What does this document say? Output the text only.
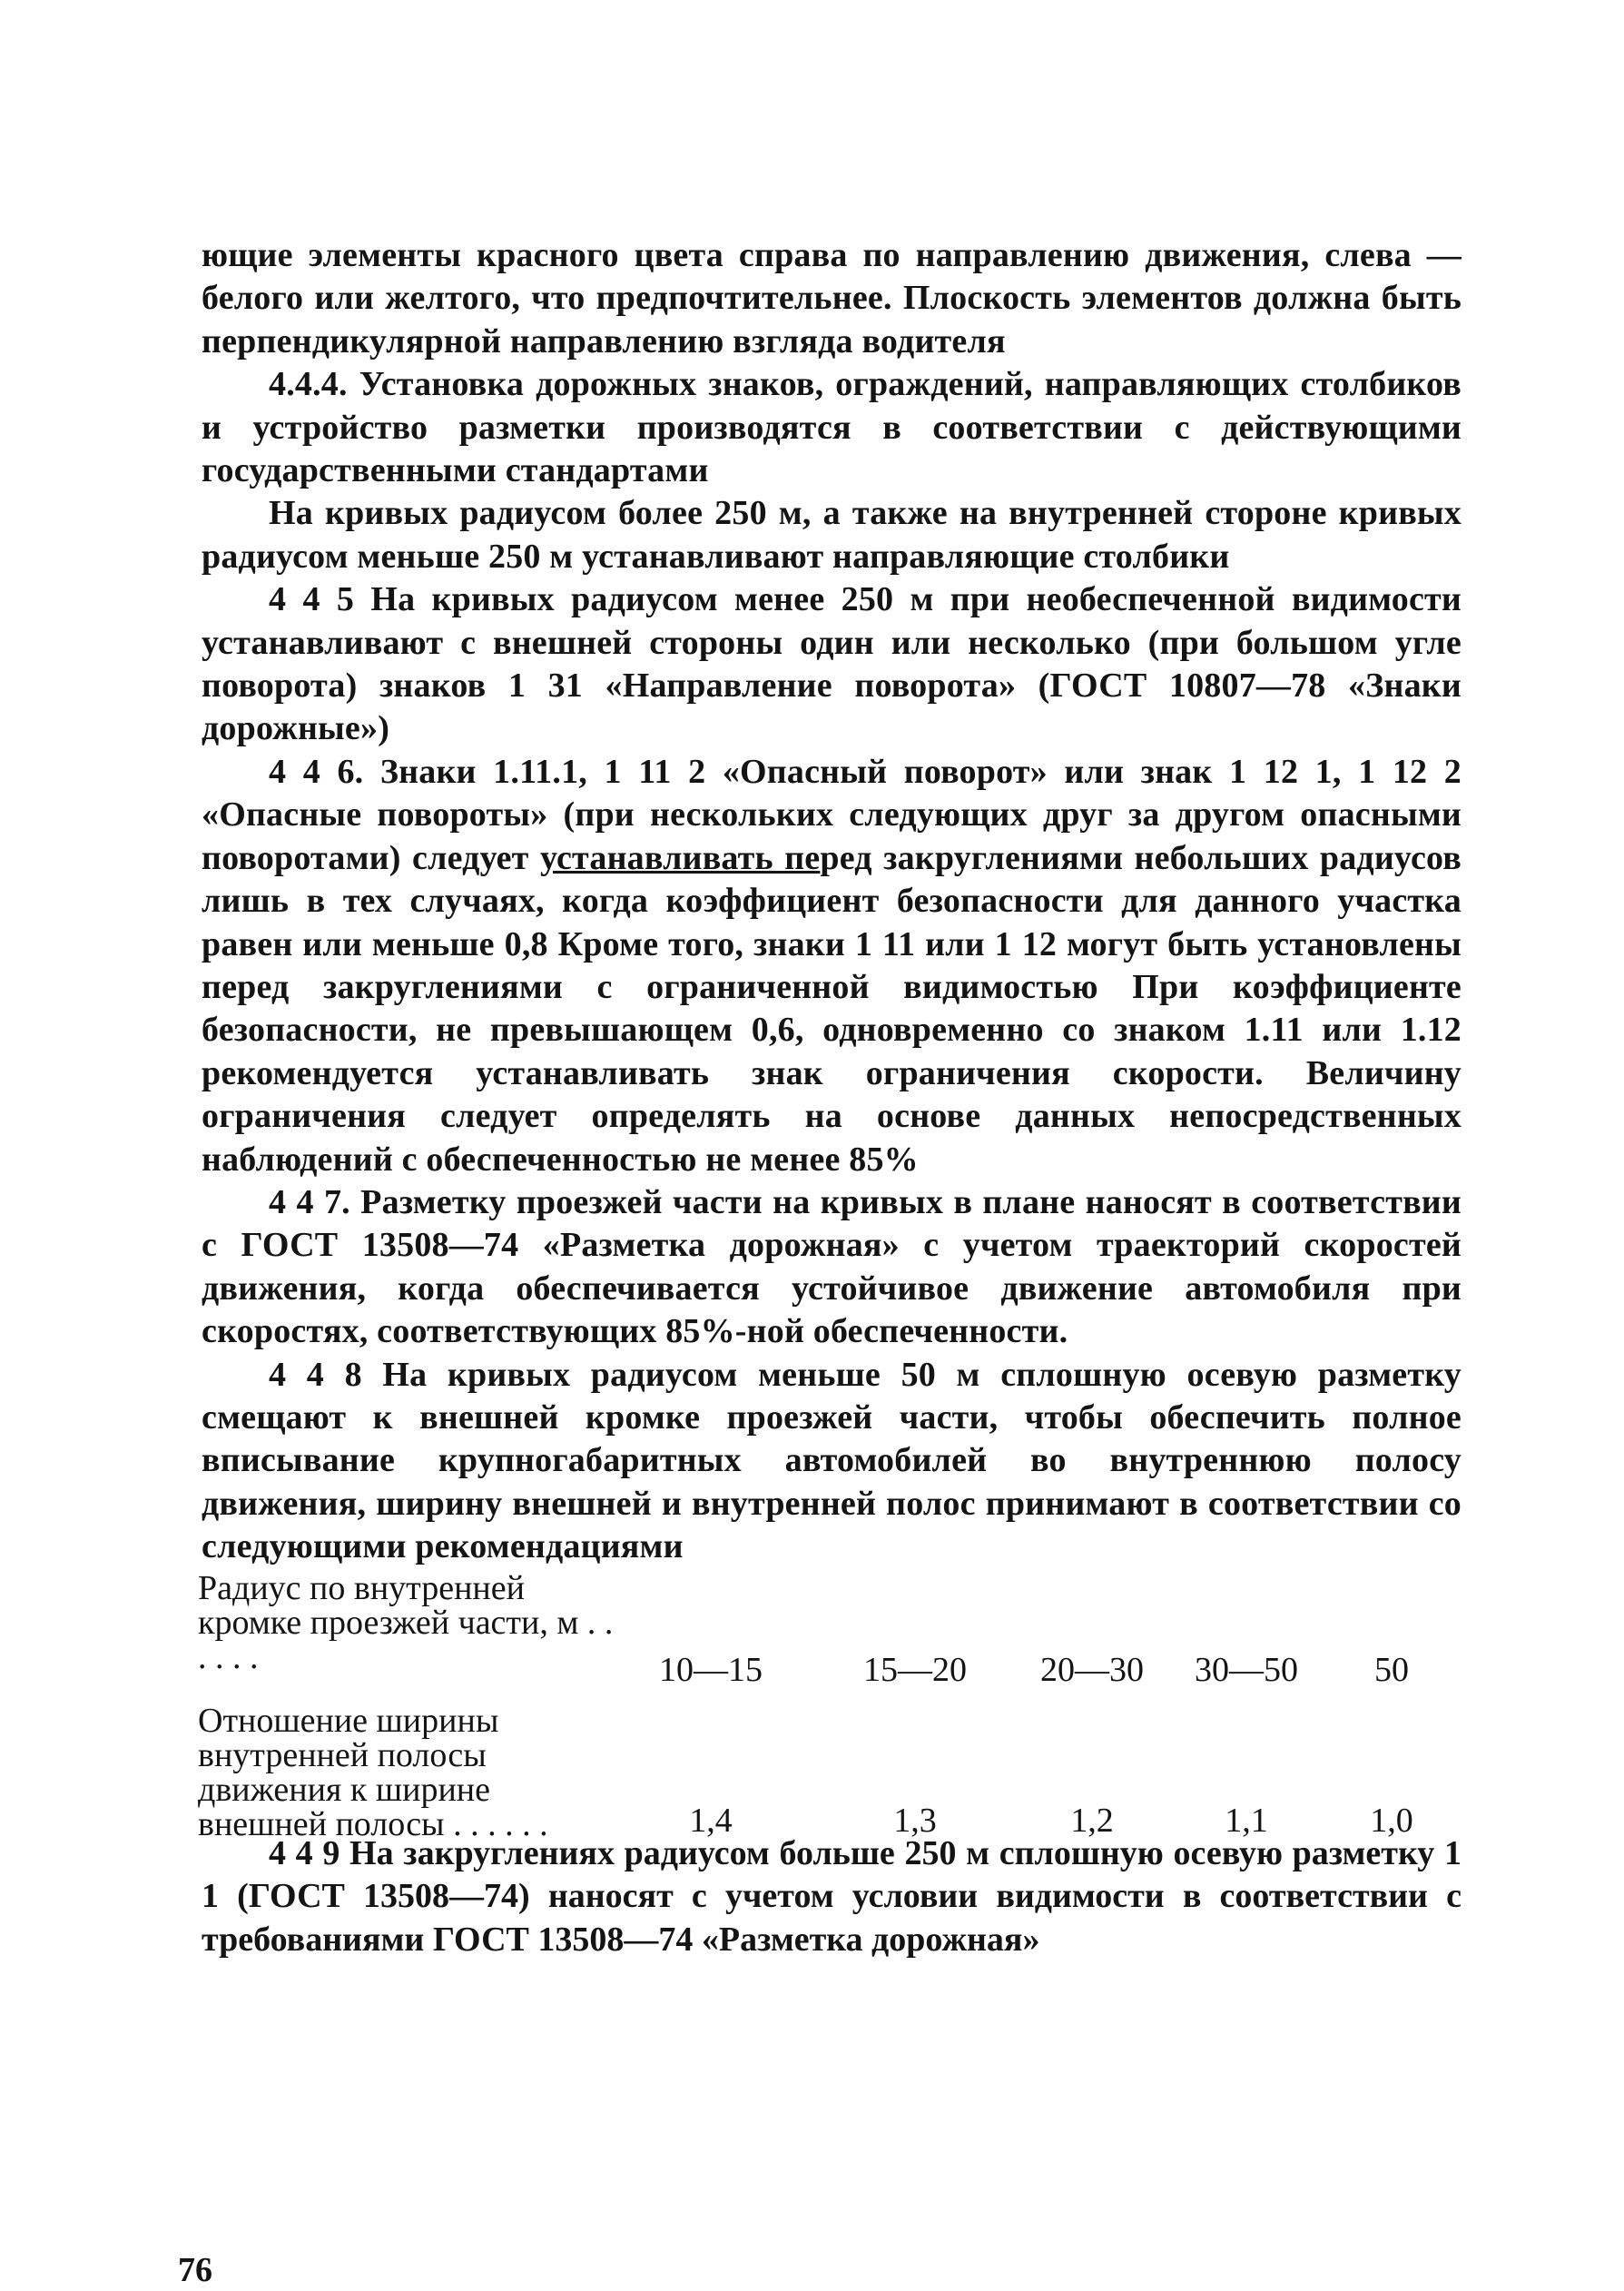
ющие элементы красного цвета справа по направлению движения, слева — белого или желтого, что предпочтительнее. Плоскость элементов должна быть перпендикулярной направлению взгляда водителя

4.4.4. Установка дорожных знаков, ограждений, направляющих столбиков и устройство разметки производятся в соответствии с действующими государственными стандартами

На кривых радиусом более 250 м, а также на внутренней стороне кривых радиусом меньше 250 м устанавливают направляющие столбики

4 4 5 На кривых радиусом менее 250 м при необеспеченной видимости устанавливают с внешней стороны один или несколько (при большом угле поворота) знаков 1 31 «Направление поворота» (ГОСТ 10807—78 «Знаки дорожные»)

4 4 6. Знаки 1.11.1, 1 11 2 «Опасный поворот» или знак 1 12 1, 1 12 2 «Опасные повороты» (при нескольких следующих друг за другом опасными поворотами) следует устанавливать перед закруглениями небольших радиусов лишь в тех случаях, когда коэффициент безопасности для данного участка равен или меньше 0,8 Кроме того, знаки 1 11 или 1 12 могут быть установлены перед закруглениями с ограниченной видимостью При коэффициенте безопасности, не превышающем 0,6, одновременно со знаком 1.11 или 1.12 рекомендуется устанавливать знак ограничения скорости. Величину ограничения следует определять на основе данных непосредственных наблюдений с обеспеченностью не менее 85%

4 4 7. Разметку проезжей части на кривых в плане наносят в соответствии с ГОСТ 13508—74 «Разметка дорожная» с учетом траекторий скоростей движения, когда обеспечивается устойчивое движение автомобиля при скоростях, соответствующих 85%-ной обеспеченности.

4 4 8 На кривых радиусом меньше 50 м сплошную осевую разметку смещают к внешней кромке проезжей части, чтобы обеспечить полное вписывание крупногабаритных автомобилей во внутреннюю полосу движения, ширину внешней и внутренней полос принимают в соответствии со следующими рекомендациями

Радиус по внутренней кромке проезжей части, м . . . . . .	10—15	15—20	20—30	30—50	50
Отношение ширины внутренней полосы движения к ширине внешней полосы . . . . . .	1,4	1,3	1,2	1,1	1,0

4 4 9 На закруглениях радиусом больше 250 м сплошную осевую разметку 1 1 (ГОСТ 13508—74) наносят с учетом условии видимости в соответствии с требованиями ГОСТ 13508—74 «Разметка дорожная»

76
